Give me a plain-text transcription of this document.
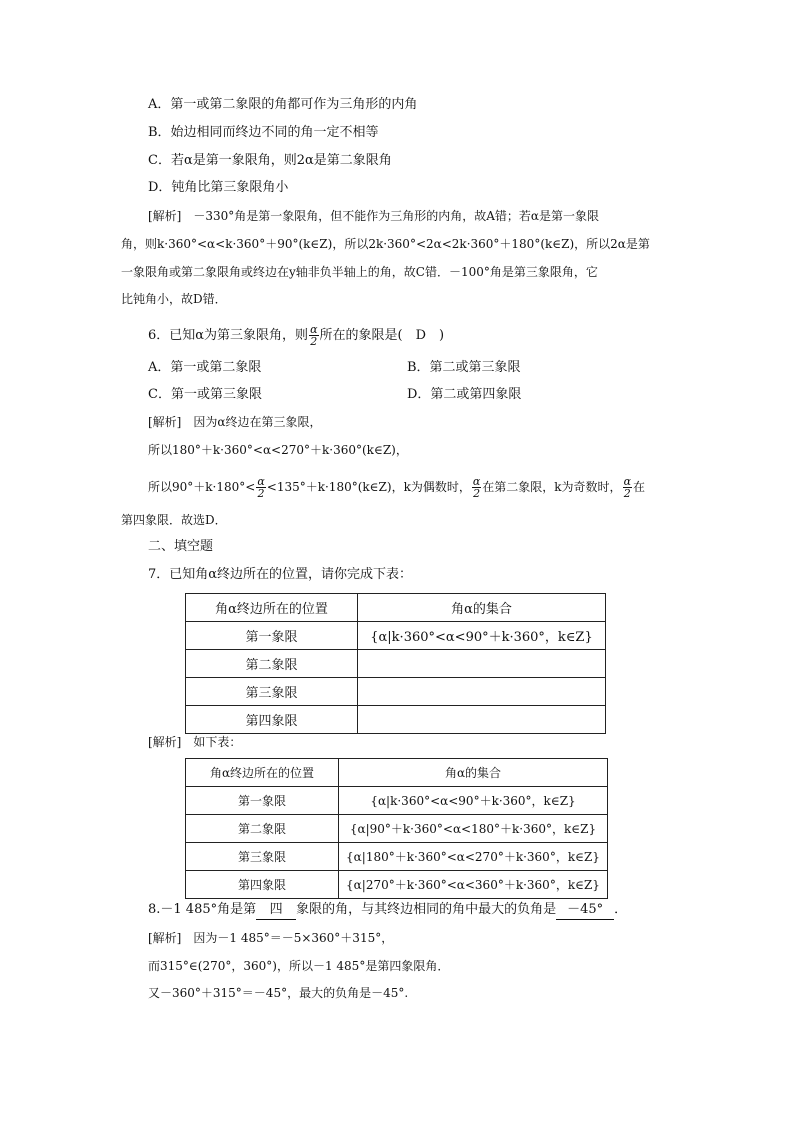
A．第一或第二象限的角都可作为三角形的内角
B．始边相同而终边不同的角一定不相等
C．若α是第一象限角，则2α是第二象限角
D．钝角比第三象限角小
[解析]　－330°角是第一象限角，但不能作为三角形的内角，故A错；若α是第一象限
角，则k·360°<α<k·360°＋90°(k∈Z)，所以2k·360°<2α<2k·360°＋180°(k∈Z)，所以2α是第
一象限角或第二象限角或终边在y轴非负半轴上的角，故C错．－100°角是第三象限角，它
比钝角小，故D错．
6．已知α为第三象限角，则 $\frac{\alpha}{2}$ 所在的象限是(　D　)
A．第一或第二象限	B．第二或第三象限
C．第一或第三象限	D．第二或第四象限
[解析]　因为α终边在第三象限，
所以180°＋k·360°<α<270°＋k·360°(k∈Z)，
所以$90^\circ+k\cdot 180^\circ< \frac{\alpha}{2}$ <135°＋k·180°(k∈Z)，k为偶数时， $\frac{\alpha}{2}$ 在第二象限，k为奇数时， $\frac{\alpha}{2}$ 在
第四象限．故选D．
二、填空题
7．已知角α终边所在的位置，请你完成下表：
角α终边所在的位置	角α的集合
第一象限	{α|k·360°<α<90°＋k·360°，k∈Z}
第二象限	
第三象限	
第四象限	
[解析]　如下表：
角α终边所在的位置	角α的集合
第一象限	{α|k·360°<α<90°＋k·360°，k∈Z}
第二象限	{α|90°＋k·360°<α<180°＋k·360°，k∈Z}
第三象限	{α|180°＋k·360°<α<270°＋k·360°，k∈Z}
第四象限	{α|270°＋k·360°<α<360°＋k·360°，k∈Z}
8.－1 485°角是第 四 象限的角，与其终边相同的角中最大的负角是 －45° ．
[解析]　因为－1 485°＝－5×360°＋315°，
而315°∈(270°，360°)，所以－1 485°是第四象限角．
又－360°＋315°＝－45°，最大的负角是－45°.
